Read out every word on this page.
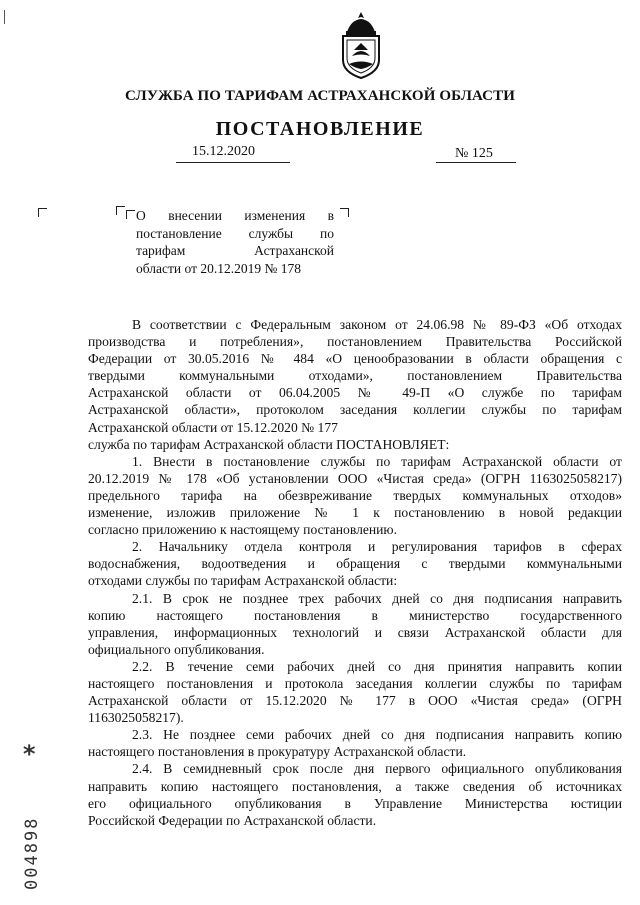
СЛУЖБА ПО ТАРИФАМ АСТРАХАНСКОЙ ОБЛАСТИ
ПОСТАНОВЛЕНИЕ
15.12.2020	№ 125
О внесении изменения в
постановление службы по
тарифам Астраханской
области от 20.12.2019 № 178
В соответствии с Федеральным законом от 24.06.98 № 89-ФЗ «Об отходах
производства и потребления», постановлением Правительства Российской
Федерации от 30.05.2016 № 484 «О ценообразовании в области обращения с
твердыми коммунальными отходами», постановлением Правительства
Астраханской области от 06.04.2005 № 49-П «О службе по тарифам
Астраханской области», протоколом заседания коллегии службы по тарифам
Астраханской области от 15.12.2020 № 177
служба по тарифам Астраханской области ПОСТАНОВЛЯЕТ:
1. Внести в постановление службы по тарифам Астраханской области от
20.12.2019 № 178 «Об установлении ООО «Чистая среда» (ОГРН 1163025058217)
предельного тарифа на обезвреживание твердых коммунальных отходов»
изменение, изложив приложение № 1 к постановлению в новой редакции
согласно приложению к настоящему постановлению.
2. Начальнику отдела контроля и регулирования тарифов в сферах
водоснабжения, водоотведения и обращения с твердыми коммунальными
отходами службы по тарифам Астраханской области:
2.1. В срок не позднее трех рабочих дней со дня подписания направить
копию настоящего постановления в министерство государственного
управления, информационных технологий и связи Астраханской области для
официального опубликования.
2.2. В течение семи рабочих дней со дня принятия направить копии
настоящего постановления и протокола заседания коллегии службы по тарифам
Астраханской области от 15.12.2020 № 177 в ООО «Чистая среда» (ОГРН
1163025058217).
2.3. Не позднее семи рабочих дней со дня подписания направить копию
настоящего постановления в прокуратуру Астраханской области.
2.4. В семидневный срок после дня первого официального опубликования
направить копию настоящего постановления, а также сведения об источниках
его официального опубликования в Управление Министерства юстиции
Российской Федерации по Астраханской области.
*
004898
